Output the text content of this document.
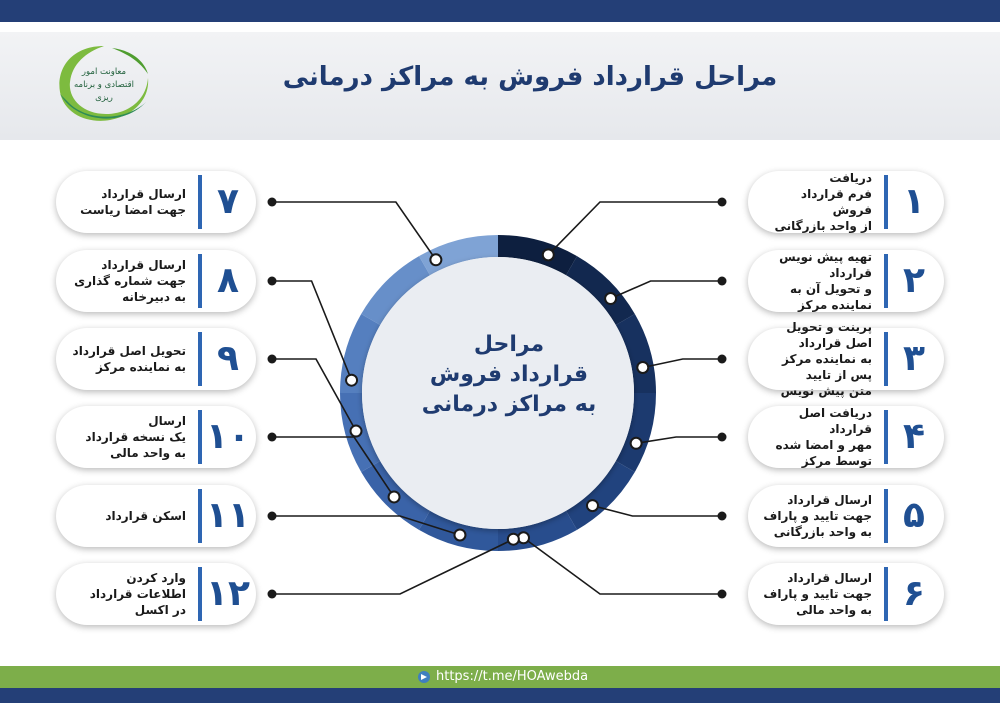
معاونت امور اقتصادی و برنامه ریزی
مراحل قرارداد فروش به مراکز درمانی
مراحل
قرارداد فروش
به مراکز درمانی
دریافت
فرم قرارداد فروش
از واحد بازرگانی
۱
ارسال قرارداد
جهت امضا ریاست ۷
تهیه پیش نویس قرارداد
و تحویل آن به نماینده مرکز
۲
ارسال قرارداد
جهت شماره گذاری
به دبیرخانه ۸
پرینت و تحویل اصل قرارداد
به نماینده مرکز پس از تایید
متن پیش نویس
۳
تحویل اصل قرارداد
به نماینده مرکز ۹
دریافت اصل قرارداد
مهر و امضا شده
توسط مرکز
۴
ارسال
یک نسخه قرارداد
به واحد مالی ۱۰
ارسال قرارداد
جهت تایید و پاراف
به واحد بازرگانی ۵
اسکن قرارداد ۱۱
ارسال قرارداد
جهت تایید و پاراف
به واحد مالی ۶
وارد کردن
اطلاعات قرارداد
در اکسل ۱۲
https://t.me/HOAwebda
